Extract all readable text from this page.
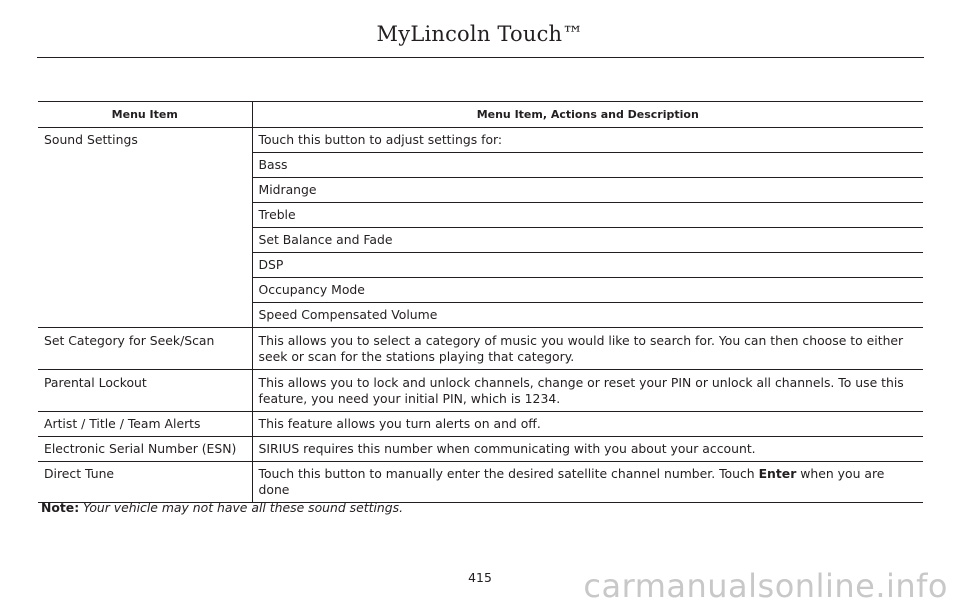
MyLincoln Touch™
Menu Item	Menu Item, Actions and Description
Sound Settings	Touch this button to adjust settings for:
	Bass
	Midrange
	Treble
	Set Balance and Fade
	DSP
	Occupancy Mode
	Speed Compensated Volume
Set Category for Seek/Scan	This allows you to select a category of music you would like to search for. You can then choose to either seek or scan for the stations playing that category.
Parental Lockout	This allows you to lock and unlock channels, change or reset your PIN or unlock all channels. To use this feature, you need your initial PIN, which is 1234.
Artist / Title / Team Alerts	This feature allows you turn alerts on and off.
Electronic Serial Number (ESN)	SIRIUS requires this number when communicating with you about your account.
Direct Tune	Touch this button to manually enter the desired satellite channel number. Touch Enter when you are done
Note: Your vehicle may not have all these sound settings.
415	carmanualsonline.info
